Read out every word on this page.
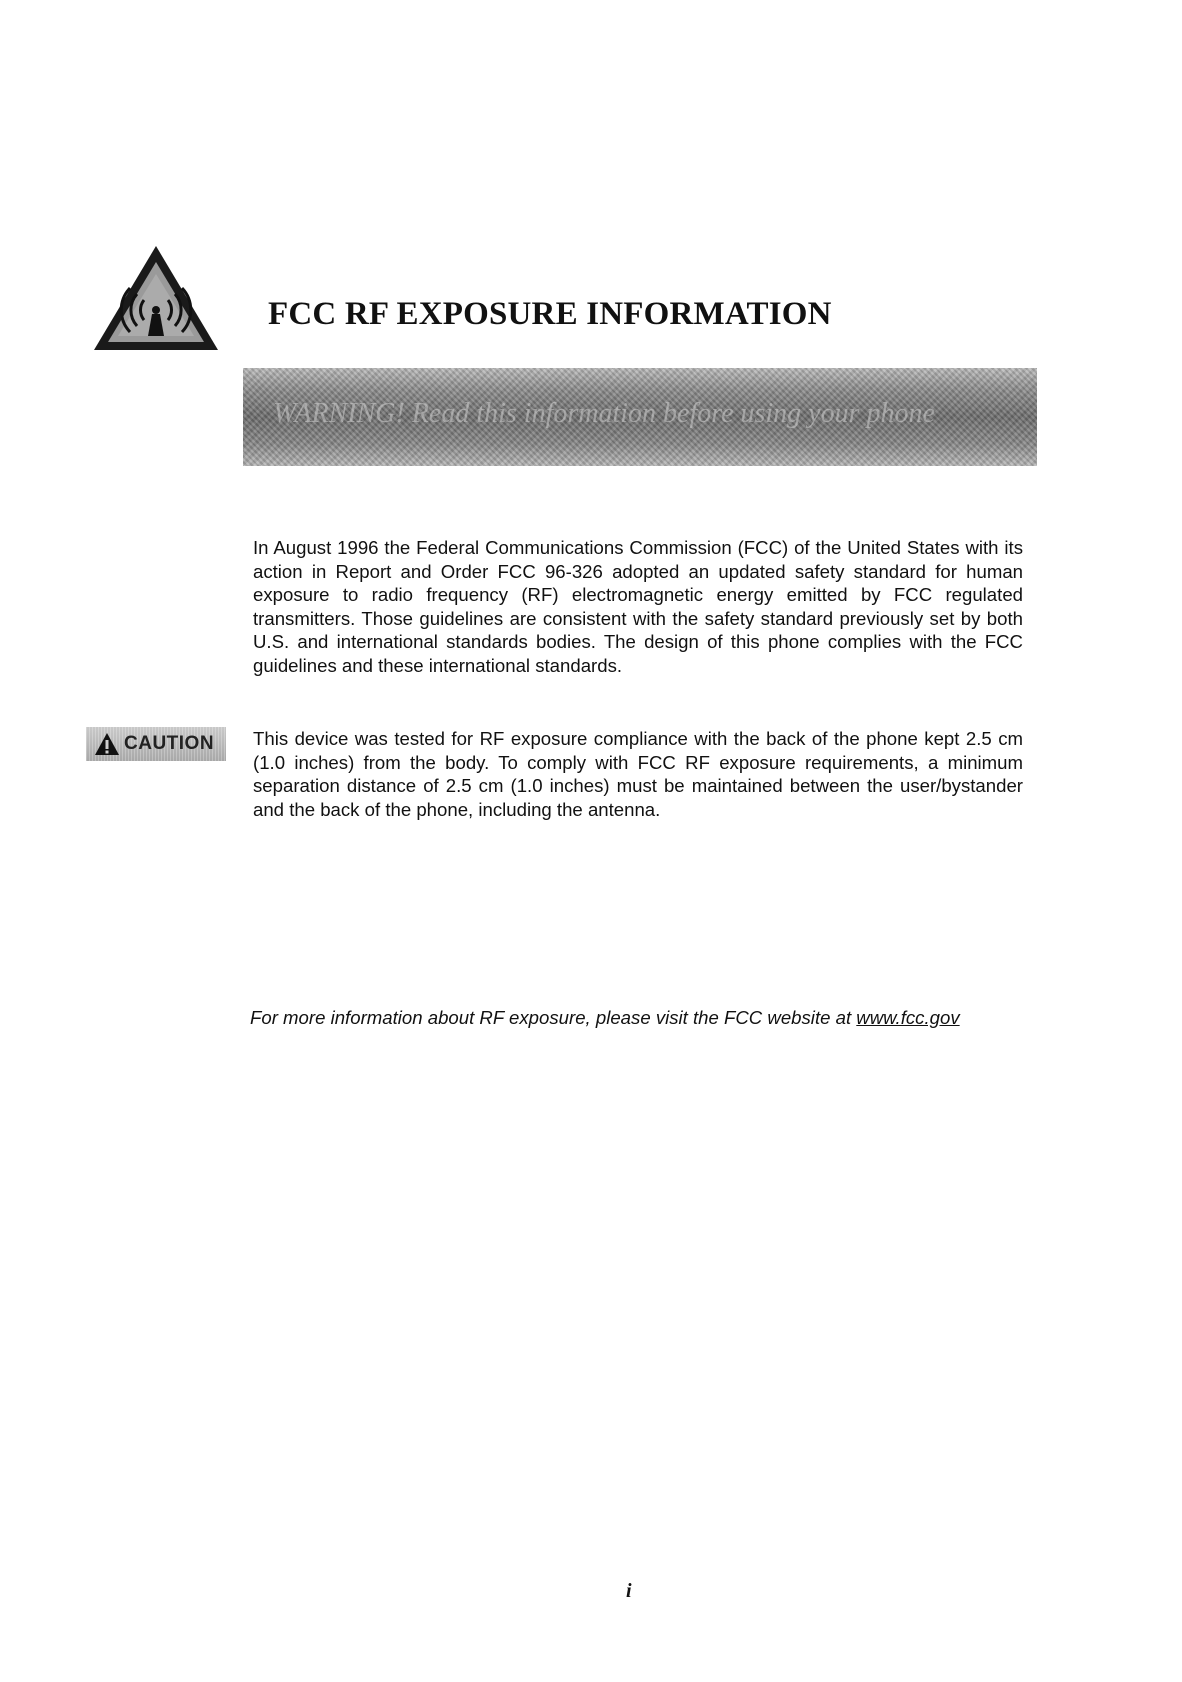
FCC RF EXPOSURE INFORMATION
WARNING! Read this information before using your phone
In August 1996 the Federal Communications Commission (FCC) of the United States with its action in Report and Order FCC 96-326 adopted an updated safety standard for human exposure to radio frequency (RF) electromagnetic energy emitted by FCC regulated transmitters. Those guidelines are consistent with the safety standard previously set by both U.S. and international standards bodies. The design of this phone complies with the FCC guidelines and these international standards.
CAUTION This device was tested for RF exposure compliance with the back of the phone kept 2.5 cm (1.0 inches) from the body. To comply with FCC RF exposure requirements, a minimum separation distance of 2.5 cm (1.0 inches) must be maintained between the user/bystander and the back of the phone, including the antenna.
For more information about RF exposure, please visit the FCC website at www.fcc.gov
i
